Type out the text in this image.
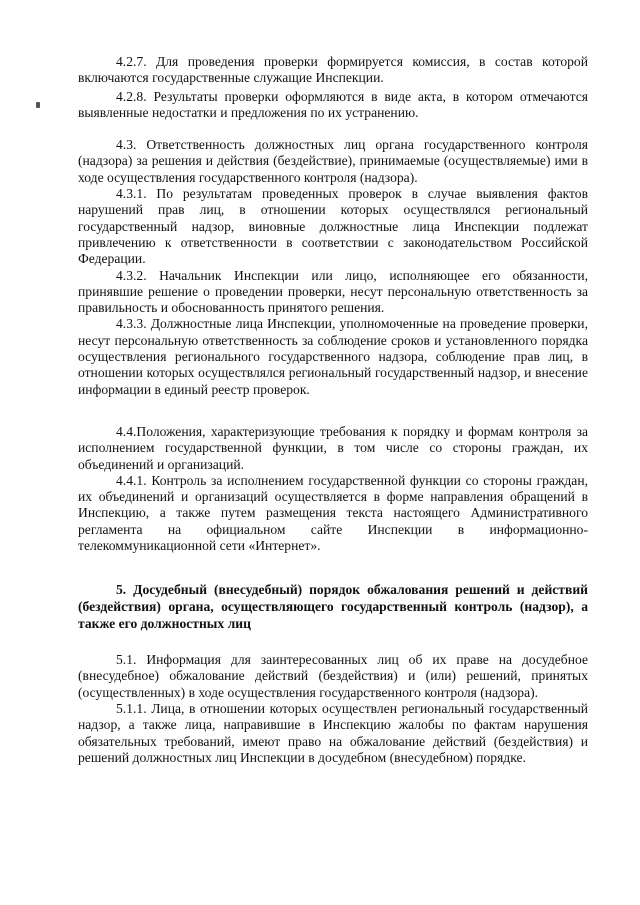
4.2.7. Для проведения проверки формируется комиссия, в состав которой включаются государственные служащие Инспекции.

4.2.8. Результаты проверки оформляются в виде акта, в котором отмечаются выявленные недостатки и предложения по их устранению.

4.3. Ответственность должностных лиц органа государственного контроля (надзора) за решения и действия (бездействие), принимаемые (осуществляемые) ими в ходе осуществления государственного контроля (надзора).

4.3.1. По результатам проведенных проверок в случае выявления фактов нарушений прав лиц, в отношении которых осуществлялся региональный государственный надзор, виновные должностные лица Инспекции подлежат привлечению к ответственности в соответствии с законодательством Российской Федерации.

4.3.2. Начальник Инспекции или лицо, исполняющее его обязанности, принявшие решение о проведении проверки, несут персональную ответственность за правильность и обоснованность принятого решения.

4.3.3. Должностные лица Инспекции, уполномоченные на проведение проверки, несут персональную ответственность за соблюдение сроков и установленного порядка осуществления регионального государственного надзора, соблюдение прав лиц, в отношении которых осуществлялся региональный государственный надзор, и внесение информации в единый реестр проверок.

4.4.Положения, характеризующие требования к порядку и формам контроля за исполнением государственной функции, в том числе со стороны граждан, их объединений и организаций.

4.4.1. Контроль за исполнением государственной функции со стороны граждан, их объединений и организаций осуществляется в форме направления обращений в Инспекцию, а также путем размещения текста настоящего Административного регламента на официальном сайте Инспекции в информационно-телекоммуникационной сети «Интернет».

5. Досудебный (внесудебный) порядок обжалования решений и действий (бездействия) органа, осуществляющего государственный контроль (надзор), а также его должностных лиц

5.1. Информация для заинтересованных лиц об их праве на досудебное (внесудебное) обжалование действий (бездействия) и (или) решений, принятых (осуществленных) в ходе осуществления государственного контроля (надзора).

5.1.1. Лица, в отношении которых осуществлен региональный государственный надзор, а также лица, направившие в Инспекцию жалобы по фактам нарушения обязательных требований, имеют право на обжалование действий (бездействия) и решений должностных лиц Инспекции в досудебном (внесудебном) порядке.
